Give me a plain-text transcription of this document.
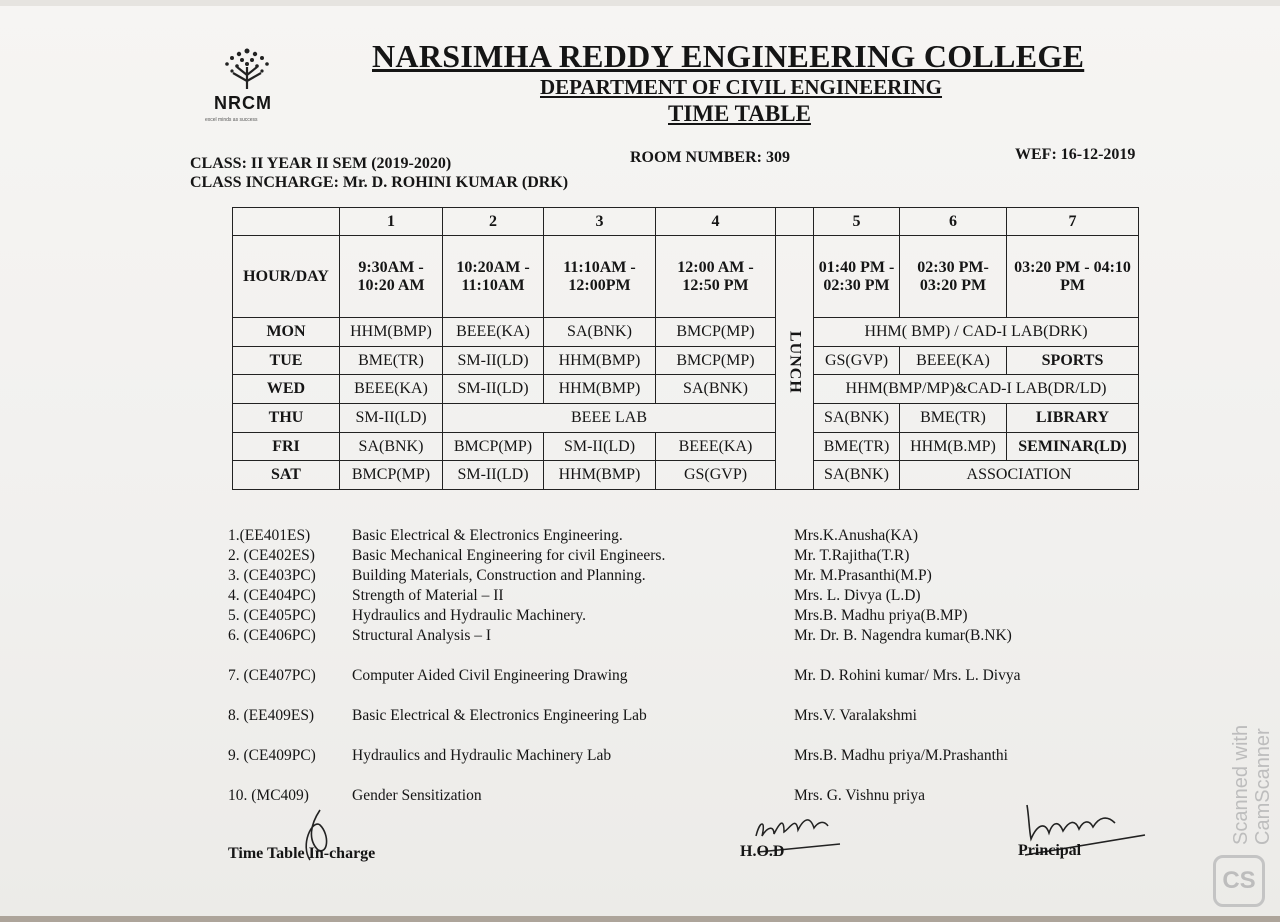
NRCM
excel minds as success
NARSIMHA REDDY ENGINEERING COLLEGE
DEPARTMENT OF CIVIL ENGINEERING
TIME TABLE
CLASS: II YEAR II SEM (2019-2020)	ROOM NUMBER: 309	WEF: 16-12-2019
CLASS INCHARGE: Mr. D. ROHINI KUMAR (DRK)
	1	2	3	4		5	6	7
HOUR/DAY	9:30AM - 10:20 AM	10:20AM - 11:10AM	11:10AM - 12:00PM	12:00 AM - 12:50 PM	LUNCH	01:40 PM - 02:30 PM	02:30 PM- 03:20 PM	03:20 PM - 04:10 PM
MON	HHM(BMP)	BEEE(KA)	SA(BNK)	BMCP(MP)		HHM( BMP) / CAD-I LAB(DRK)		
TUE	BME(TR)	SM-II(LD)	HHM(BMP)	BMCP(MP)		GS(GVP)	BEEE(KA)	SPORTS
WED	BEEE(KA)	SM-II(LD)	HHM(BMP)	SA(BNK)		HHM(BMP/MP)&CAD-I LAB(DR/LD)		
THU	SM-II(LD)	BEEE LAB				SA(BNK)	BME(TR)	LIBRARY
FRI	SA(BNK)	BMCP(MP)	SM-II(LD)	BEEE(KA)		BME(TR)	HHM(B.MP)	SEMINAR(LD)
SAT	BMCP(MP)	SM-II(LD)	HHM(BMP)	GS(GVP)		SA(BNK)	ASSOCIATION	
1.(EE401ES)	Basic Electrical & Electronics Engineering.	Mrs.K.Anusha(KA)
2. (CE402ES) Basic Mechanical Engineering for civil Engineers.	Mr. T.Rajitha(T.R)
3. (CE403PC) Building Materials, Construction and Planning.	Mr. M.Prasanthi(M.P)
4. (CE404PC) Strength of Material – II	Mrs. L. Divya (L.D)
5. (CE405PC) Hydraulics and Hydraulic Machinery.	Mrs.B. Madhu priya(B.MP)
6. (CE406PC) Structural Analysis – I	Mr. Dr. B. Nagendra kumar(B.NK)
7. (CE407PC) Computer Aided Civil Engineering Drawing	Mr. D. Rohini kumar/ Mrs. L. Divya
8. (EE409ES) Basic Electrical & Electronics Engineering Lab	Mrs.V. Varalakshmi
9. (CE409PC) Hydraulics and Hydraulic Machinery Lab	Mrs.B. Madhu priya/M.Prashanthi
10. (MC409)	Gender Sensitization	Mrs. G. Vishnu priya
Time Table In-charge	H.O.D	Principal
Scanned with CamScanner
CS
